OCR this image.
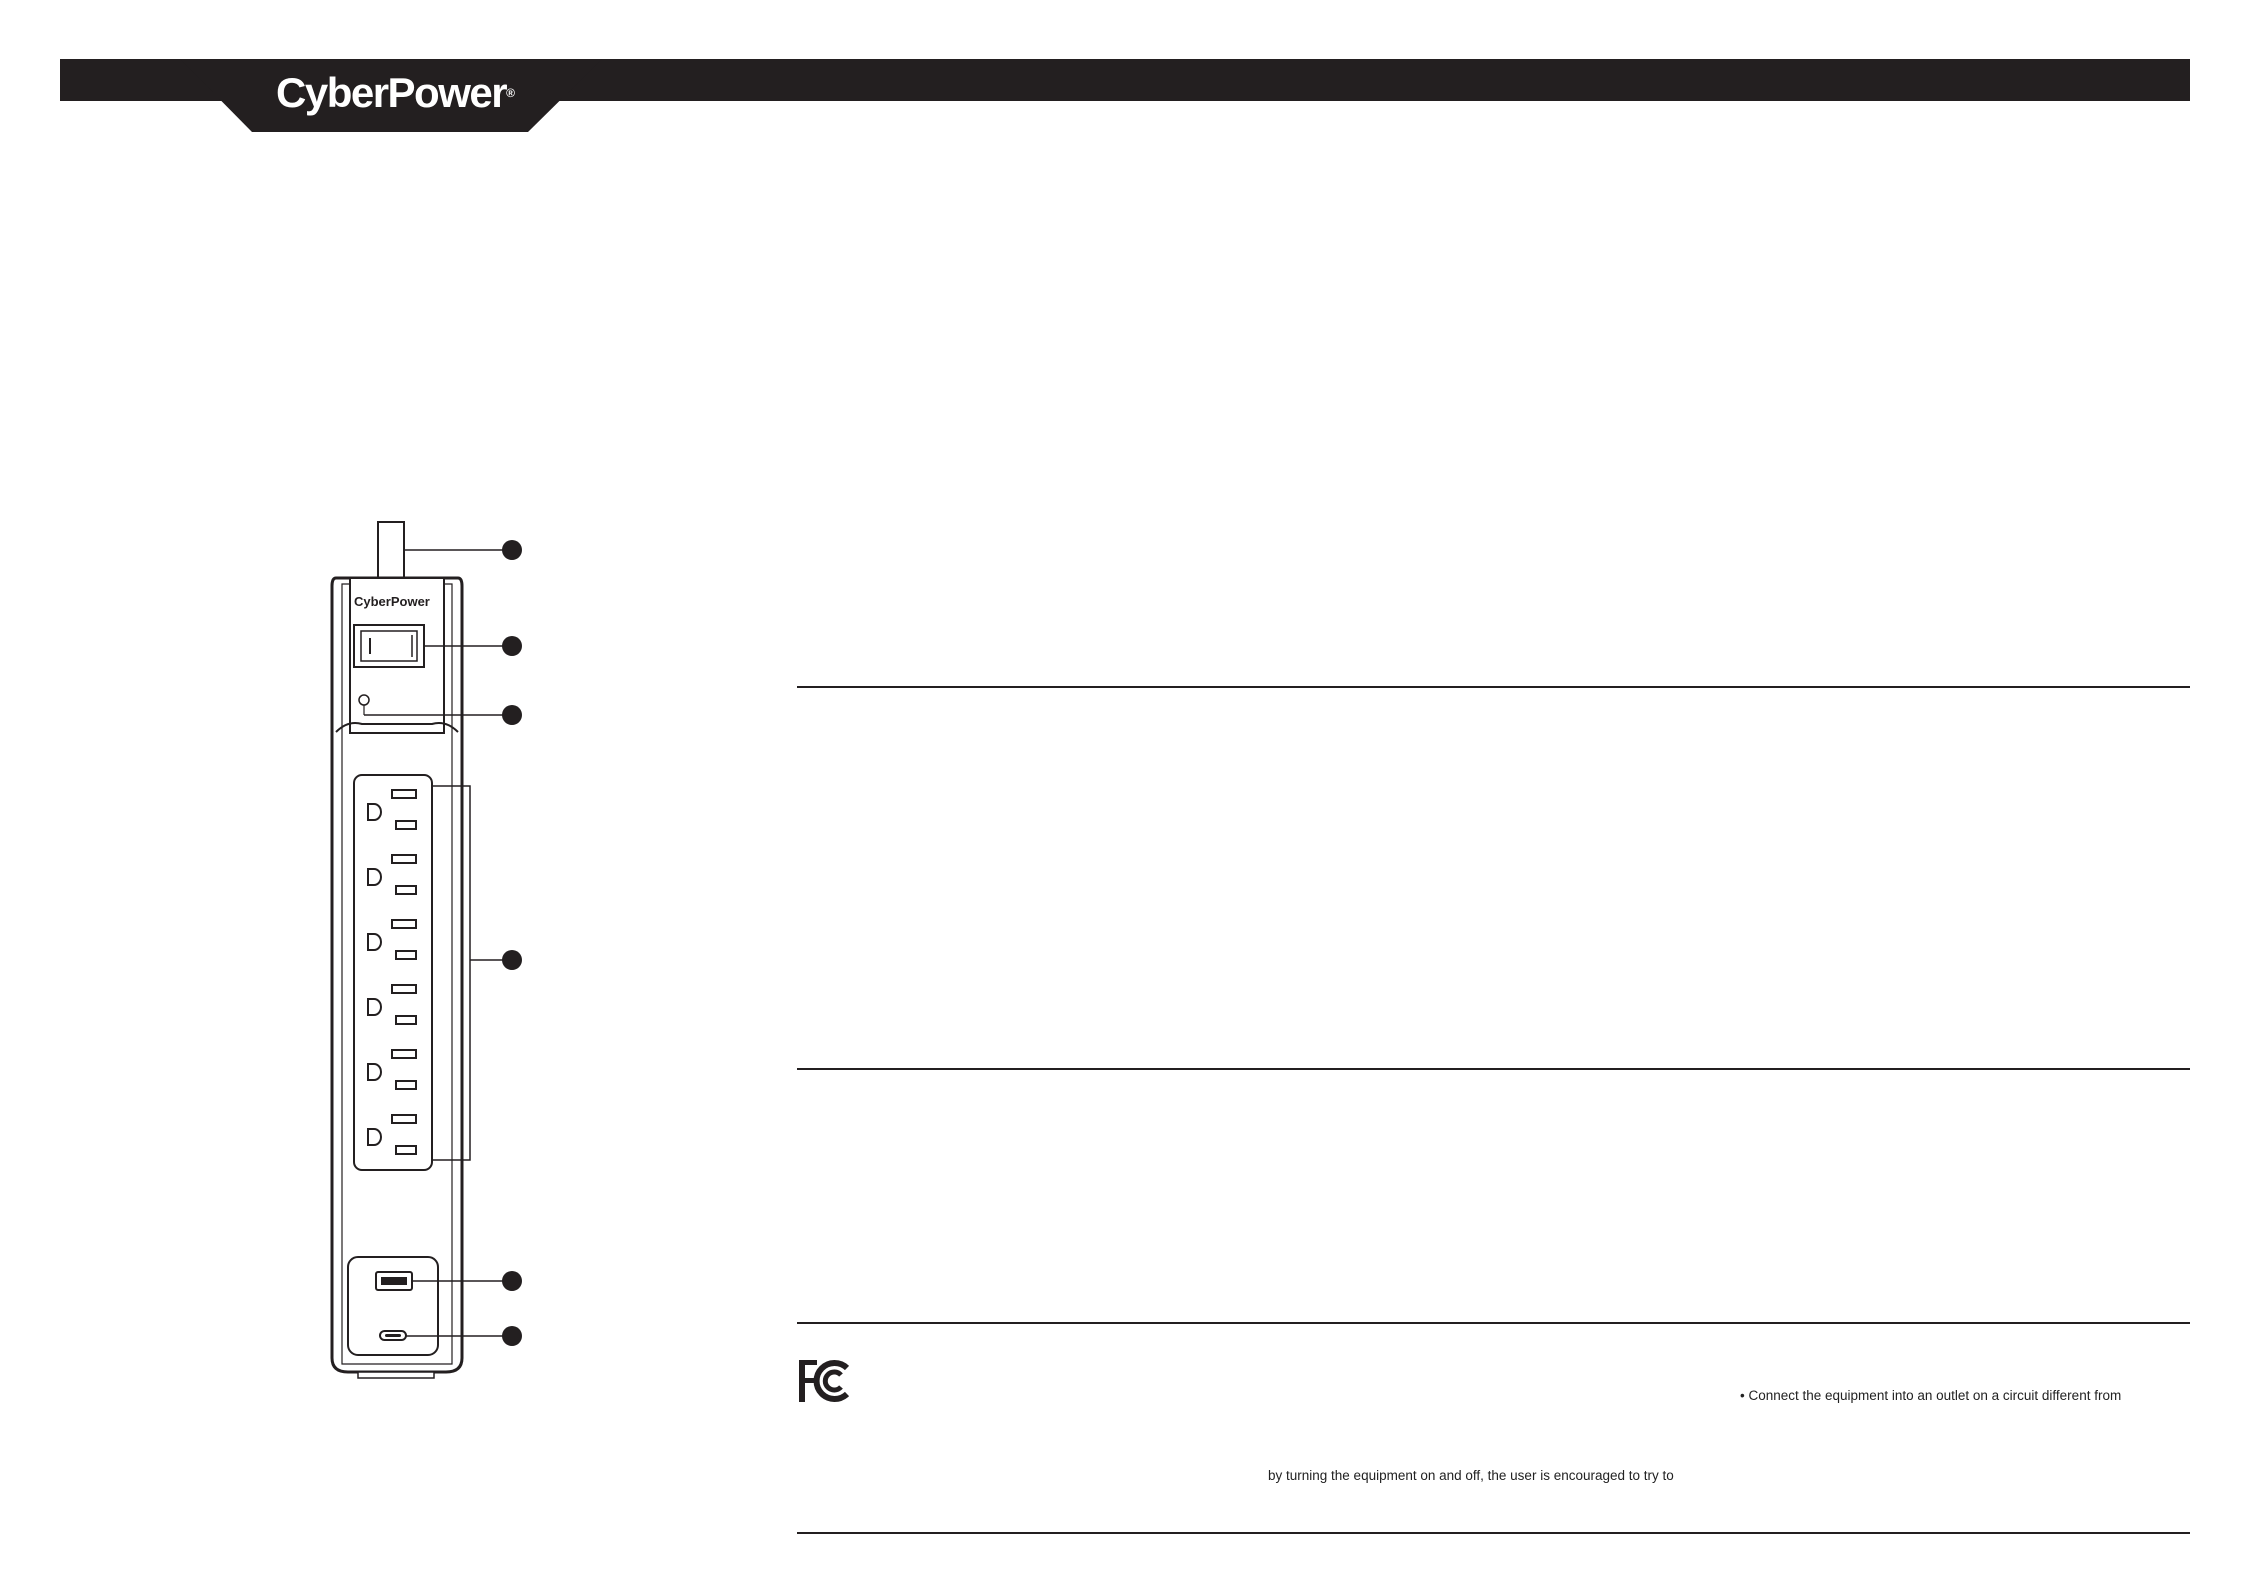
CyberPower®
CyberPower
• Connect the equipment into an outlet on a circuit different from
by turning the equipment on and off, the user is encouraged to try to
